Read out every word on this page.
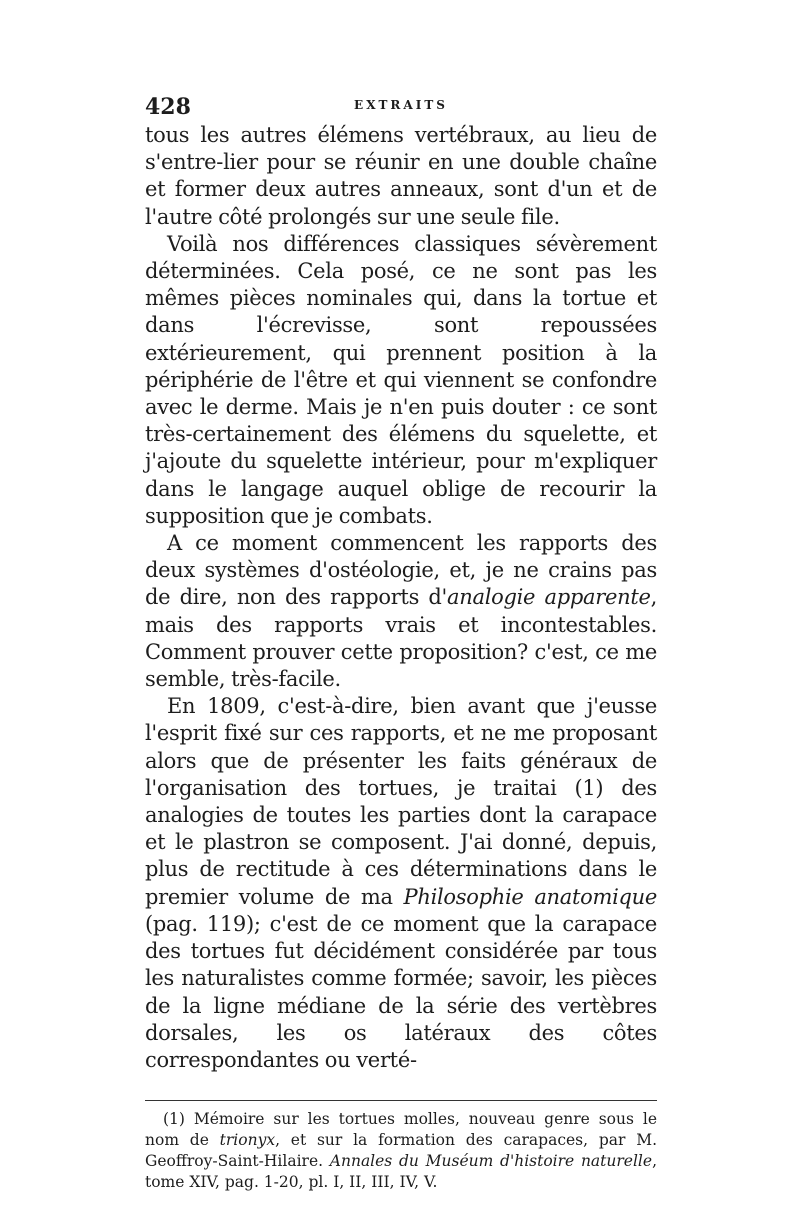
428	EXTRAITS

tous les autres élémens vertébraux, au lieu de s'entre-lier pour se réunir en une double chaîne et former deux autres anneaux, sont d'un et de l'autre côté prolongés sur une seule file.

Voilà nos différences classiques sévèrement déterminées. Cela posé, ce ne sont pas les mêmes pièces nominales qui, dans la tortue et dans l'écrevisse, sont repoussées extérieurement, qui prennent position à la périphérie de l'être et qui viennent se confondre avec le derme. Mais je n'en puis douter : ce sont très-certainement des élémens du squelette, et j'ajoute du squelette intérieur, pour m'expliquer dans le langage auquel oblige de recourir la supposition que je combats.

A ce moment commencent les rapports des deux systèmes d'ostéologie, et, je ne crains pas de dire, non des rapports d'analogie apparente, mais des rapports vrais et incontestables. Comment prouver cette proposition? c'est, ce me semble, très-facile.

En 1809, c'est-à-dire, bien avant que j'eusse l'esprit fixé sur ces rapports, et ne me proposant alors que de présenter les faits généraux de l'organisation des tortues, je traitai (1) des analogies de toutes les parties dont la carapace et le plastron se composent. J'ai donné, depuis, plus de rectitude à ces déterminations dans le premier volume de ma Philosophie anatomique (pag. 119); c'est de ce moment que la carapace des tortues fut décidément considérée par tous les naturalistes comme formée; savoir, les pièces de la ligne médiane de la série des vertèbres dorsales, les os latéraux des côtes correspondantes ou verté-

(1) Mémoire sur les tortues molles, nouveau genre sous le nom de trionyx, et sur la formation des carapaces, par M. Geoffroy-Saint-Hilaire. Annales du Muséum d'histoire naturelle, tome XIV, pag. 1-20, pl. I, II, III, IV, V.
